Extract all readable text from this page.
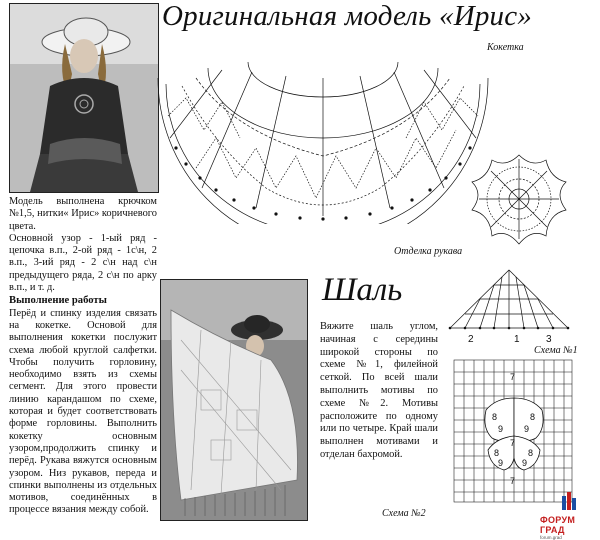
Оригинальная модель «Ирис»
Кокетка
Отделка рукава

Модель выполнена крючком №1,5, нитки« Ирис» коричневого цвета.

Основной узор - 1-ый ряд - цепочка в.п., 2-ой ряд - 1с\н, 2 в.п., 3-ий ряд - 2 с\н над с\н предыдущего ряда, 2 с\н по арку в.п., и т. д.

Выполнение работы

Перёд и спинку изделия связать на кокетке. Основой для выполнения кокетки послужит схема любой круглой салфетки. Чтобы получить горловину, необходимо взять из схемы сегмент. Для этого провести линию карандашом по схеме, которая и будет соответствовать форме горловины. Выполнить кокетку основным узором,продолжить спинку и перёд. Рукава вяжутся основным узором. Низ рукавов, переда и спинки выполнены из отдельных мотивов, соединённых в процессе вязания между собой.

Шаль
Вяжите шаль углом, начиная с середины широкой стороны по схеме №1, филейной сеткой. По всей шали выполнить мотивы по схеме №2. Мотивы расположите по одному или по четыре. Край шали выполнен мотивами и отделан бахромой.
2	1	3
Схема №1
7
8	8
9 9
7
8	8
9 9
7
Схема №2
ФОРУМ ГРАД
forum.grad
